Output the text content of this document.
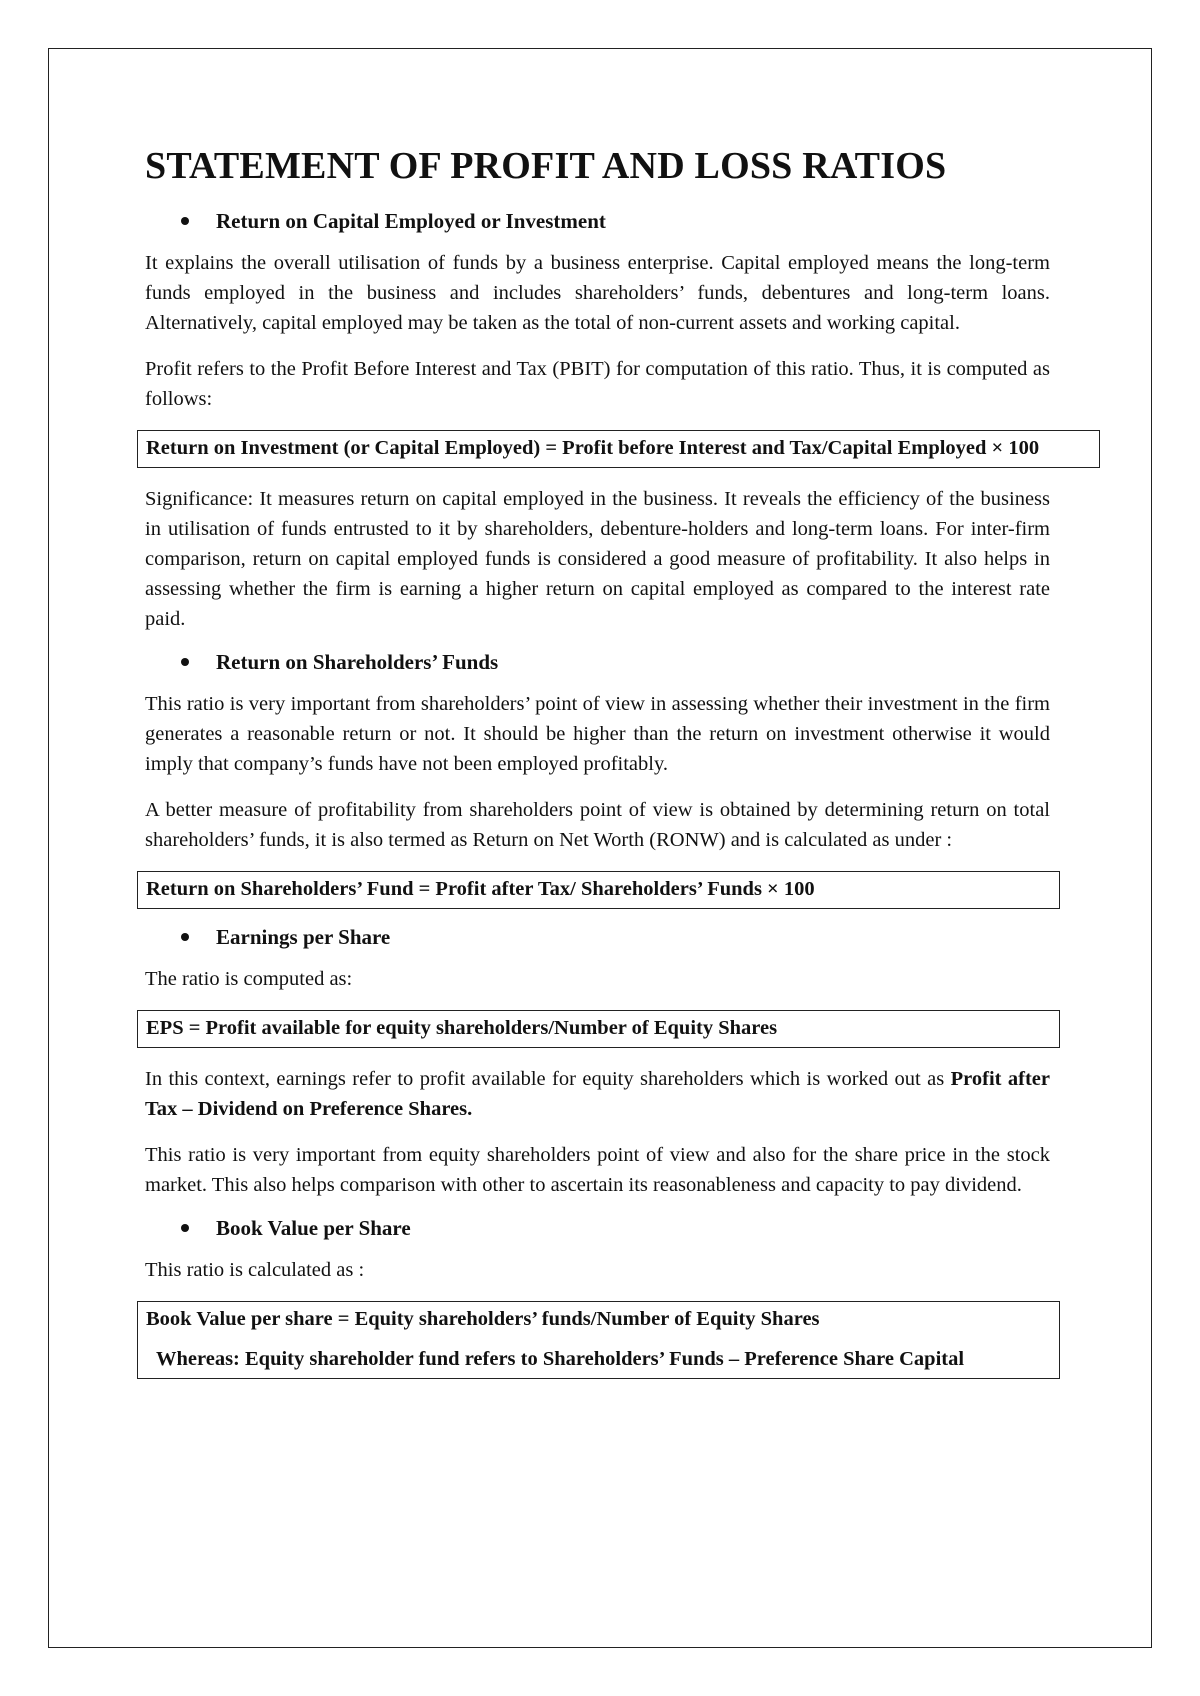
STATEMENT OF PROFIT AND LOSS RATIOS
Return on Capital Employed or Investment

It explains the overall utilisation of funds by a business enterprise. Capital employed means the long-term funds employed in the business and includes shareholders’ funds, debentures and long-term loans. Alternatively, capital employed may be taken as the total of non-current assets and working capital.

Profit refers to the Profit Before Interest and Tax (PBIT) for computation of this ratio. Thus, it is computed as follows:

Return on Investment (or Capital Employed) = Profit before Interest and Tax/Capital Employed × 100

Significance: It measures return on capital employed in the business. It reveals the efficiency of the business in utilisation of funds entrusted to it by shareholders, debenture-holders and long-term loans. For inter-firm comparison, return on capital employed funds is considered a good measure of profitability. It also helps in assessing whether the firm is earning a higher return on capital employed as compared to the interest rate paid.

Return on Shareholders’ Funds

This ratio is very important from shareholders’ point of view in assessing whether their investment in the firm generates a reasonable return or not. It should be higher than the return on investment otherwise it would imply that company’s funds have not been employed profitably.

A better measure of profitability from shareholders point of view is obtained by determining return on total shareholders’ funds, it is also termed as Return on Net Worth (RONW) and is calculated as under :

Return on Shareholders’ Fund = Profit after Tax/ Shareholders’ Funds × 100
Earnings per Share

The ratio is computed as:

EPS = Profit available for equity shareholders/Number of Equity Shares

In this context, earnings refer to profit available for equity shareholders which is worked out as Profit after Tax – Dividend on Preference Shares.

This ratio is very important from equity shareholders point of view and also for the share price in the stock market. This also helps comparison with other to ascertain its reasonableness and capacity to pay dividend.

Book Value per Share

This ratio is calculated as :

Book Value per share = Equity shareholders’ funds/Number of Equity Shares
Whereas: Equity shareholder fund refers to Shareholders’ Funds – Preference Share Capital
